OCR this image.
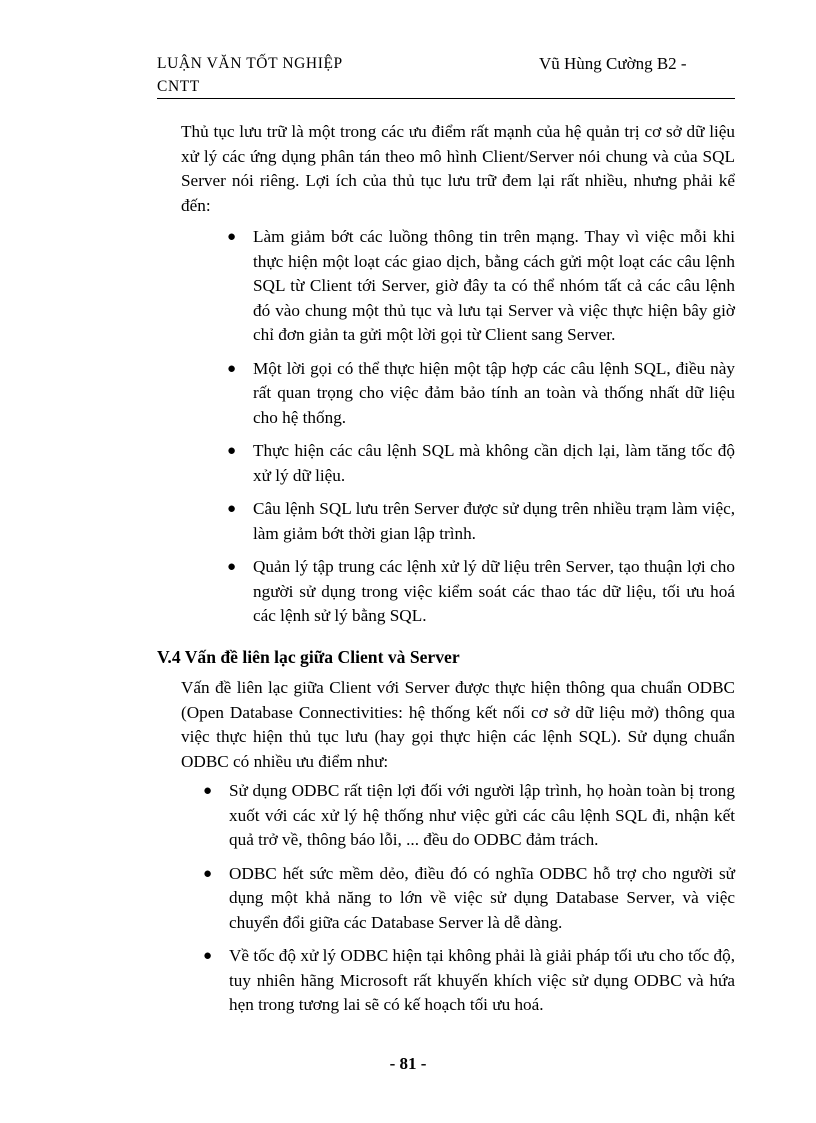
LUẬN VĂN TỐT NGHIỆP CNTT
Vũ Hùng Cường B2 -
Thủ tục lưu trữ là một trong các ưu điểm rất mạnh của hệ quản trị cơ sở dữ liệu xử lý các ứng dụng phân tán theo mô hình Client/Server nói chung và của SQL Server nói riêng. Lợi ích của thủ tục lưu trữ đem lại rất nhiều, nhưng phải kể đến:
● Làm giảm bớt các luồng thông tin trên mạng. Thay vì việc mỗi khi thực hiện một loạt các giao dịch, bằng cách gửi một loạt các câu lệnh SQL từ Client tới Server, giờ đây ta có thể nhóm tất cả các câu lệnh đó vào chung một thủ tục và lưu tại Server và việc thực hiện bây giờ chỉ đơn giản ta gửi một lời gọi từ Client sang Server.
● Một lời gọi có thể thực hiện một tập hợp các câu lệnh SQL, điều này rất quan trọng cho việc đảm bảo tính an toàn và thống nhất dữ liệu cho hệ thống.
● Thực hiện các câu lệnh SQL mà không cần dịch lại, làm tăng tốc độ xử lý dữ liệu.
● Câu lệnh SQL lưu trên Server được sử dụng trên nhiều trạm làm việc, làm giảm bớt thời gian lập trình.
● Quản lý tập trung các lệnh xử lý dữ liệu trên Server, tạo thuận lợi cho người sử dụng trong việc kiểm soát các thao tác dữ liệu, tối ưu hoá các lệnh sử lý bằng SQL.
V.4 Vấn đề liên lạc giữa Client và Server
Vấn đề liên lạc giữa Client với Server được thực hiện thông qua chuẩn ODBC (Open Database Connectivities: hệ thống kết nối cơ sở dữ liệu mở) thông qua việc thực hiện thủ tục lưu (hay gọi thực hiện các lệnh SQL). Sử dụng chuẩn ODBC có nhiều ưu điểm như:
● Sử dụng ODBC rất tiện lợi đối với người lập trình, họ hoàn toàn bị trong xuốt với các xử lý hệ thống như việc gửi các câu lệnh SQL đi, nhận kết quả trở về, thông báo lỗi, ... đều do ODBC đảm trách.
● ODBC hết sức mềm dẻo, điều đó có nghĩa ODBC hỗ trợ cho người sử dụng một khả năng to lớn về việc sử dụng Database Server, và việc chuyển đổi giữa các Database Server là dễ dàng.
● Về tốc độ xử lý ODBC hiện tại không phải là giải pháp tối ưu cho tốc độ, tuy nhiên hãng Microsoft rất khuyến khích việc sử dụng ODBC và hứa hẹn trong tương lai sẽ có kế hoạch tối ưu hoá.
- 81 -
